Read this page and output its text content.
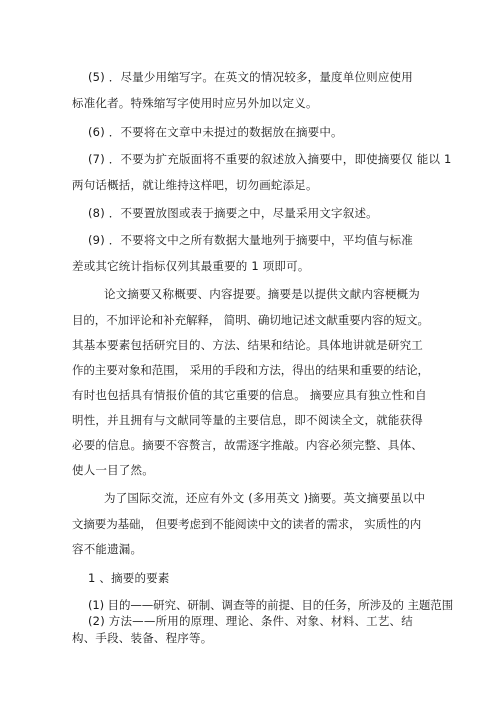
(5) ．尽量少用缩写字。在英文的情况较多，量度单位则应使用
标准化者。特殊缩写字使用时应另外加以定义。
(6) ．不要将在文章中未提过的数据放在摘要中。
(7) ．不要为扩充版面将不重要的叙述放入摘要中，即使摘要仅 能以 1
两句话概括，就让维持这样吧，切勿画蛇添足。
(8) ．不要置放图或表于摘要之中，尽量采用文字叙述。
(9) ．不要将文中之所有数据大量地列于摘要中，平均值与标准
差或其它统计指标仅列其最重要的 1 项即可。
论文摘要又称概要、内容提要。摘要是以提供文献内容梗概为
目的，不加评论和补充解释， 简明、确切地记述文献重要内容的短文。
其基本要素包括研究目的、方法、结果和结论。具体地讲就是研究工
作的主要对象和范围， 采用的手段和方法，得出的结果和重要的结论，
有时也包括具有情报价值的其它重要的信息。 摘要应具有独立性和自
明性，并且拥有与文献同等量的主要信息，即不阅读全文，就能获得
必要的信息。摘要不容赘言，故需逐字推敲。内容必须完整、具体、
使人一目了然。
为了国际交流，还应有外文 (多用英文 )摘要。英文摘要虽以中
文摘要为基础， 但要考虑到不能阅读中文的读者的需求， 实质性的内
容不能遗漏。
1 、摘要的要素
(1) 目的——研究、研制、调查等的前提、目的任务，所涉及的 主题范围
(2) 方法——所用的原理、理论、条件、对象、材料、工艺、结
构、手段、装备、程序等。
